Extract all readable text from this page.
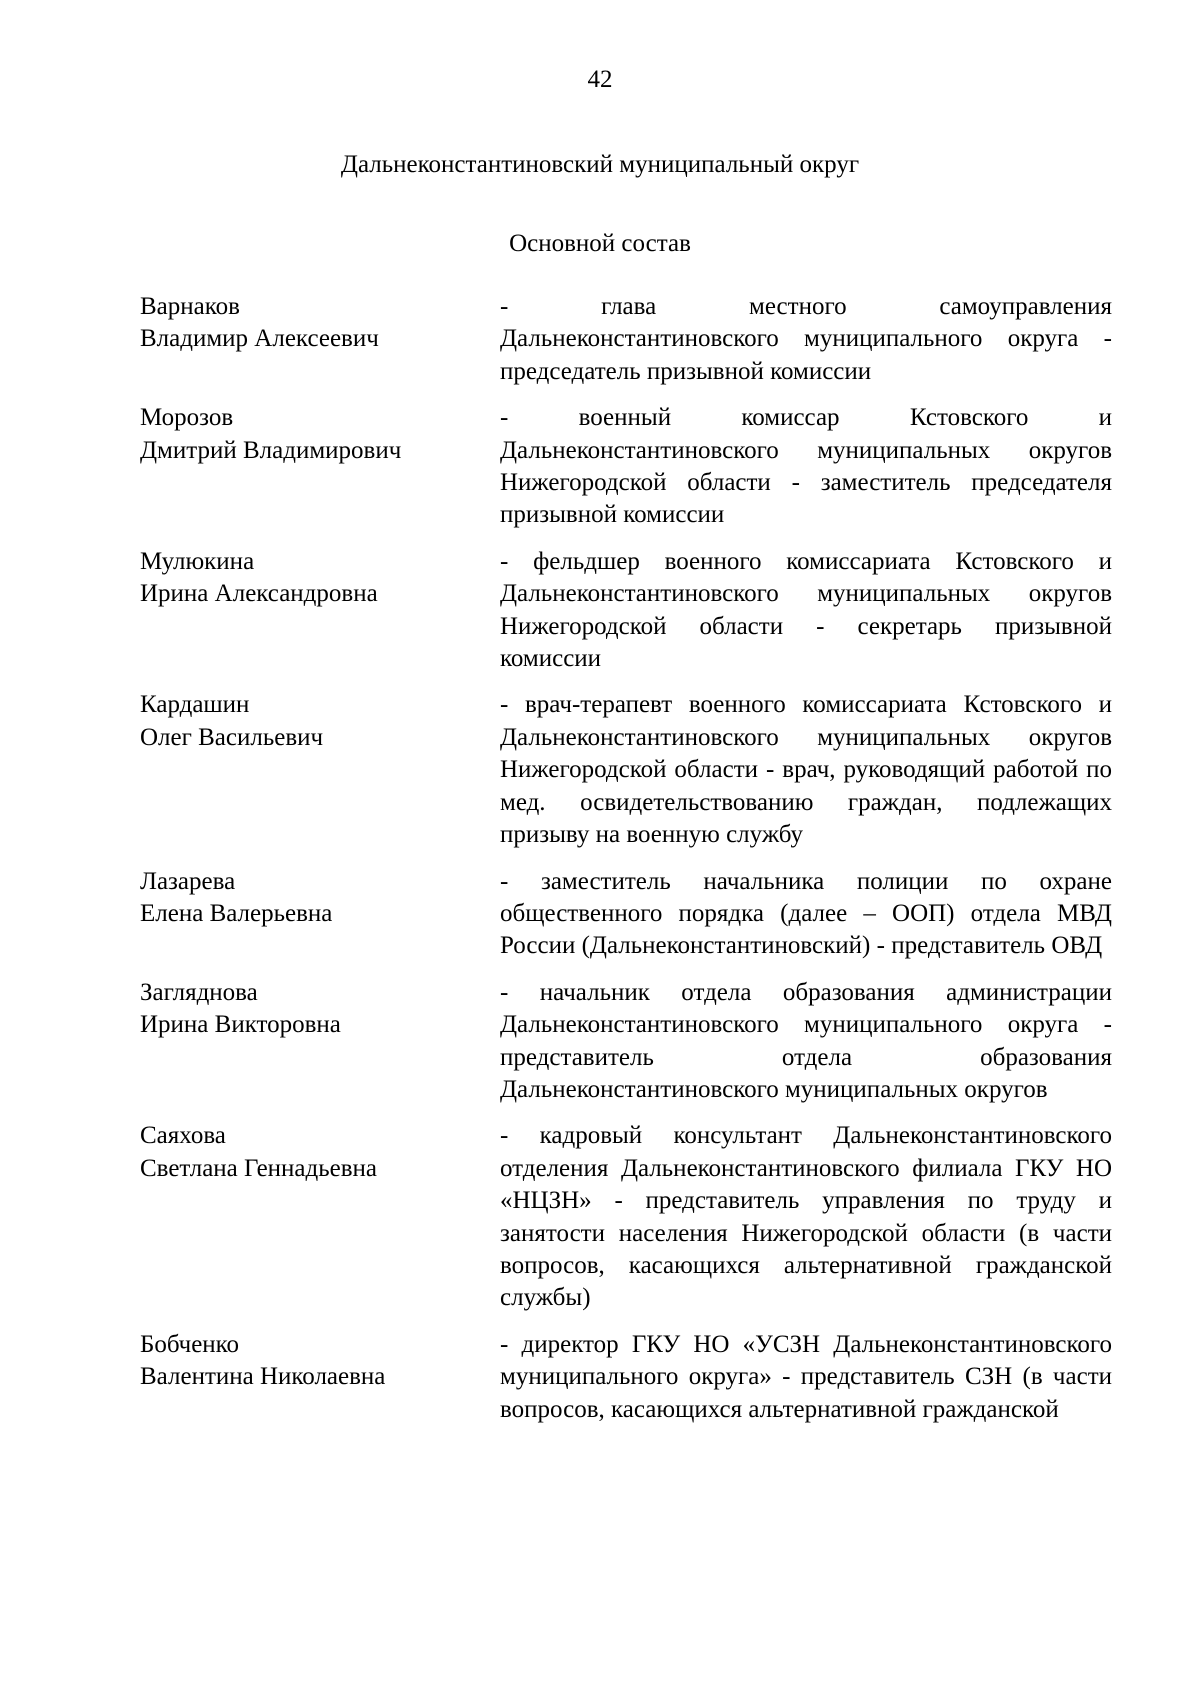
42
Дальнеконстантиновский муниципальный округ
Основной состав
Варнаков
Владимир Алексеевич
- глава местного самоуправления Дальнеконстантиновского муниципального округа - председатель призывной комиссии
Морозов
Дмитрий Владимирович
- военный комиссар Кстовского и Дальнеконстантиновского муниципальных округов Нижегородской области - заместитель председателя призывной комиссии
Мулюкина
Ирина Александровна
- фельдшер военного комиссариата Кстовского и Дальнеконстантиновского муниципальных округов Нижегородской области - секретарь призывной комиссии
Кардашин
Олег Васильевич
- врач-терапевт военного комиссариата Кстовского и Дальнеконстантиновского муниципальных округов Нижегородской области - врач, руководящий работой по мед. освидетельствованию граждан, подлежащих призыву на военную службу
Лазарева
Елена Валерьевна
- заместитель начальника полиции по охране общественного порядка (далее – ООП) отдела МВД России (Дальнеконстантиновский) - представитель ОВД
Загляднова
Ирина Викторовна
- начальник отдела образования администрации Дальнеконстантиновского муниципального округа - представитель отдела образования Дальнеконстантиновского муниципальных округов
Саяхова
Светлана Геннадьевна
- кадровый консультант Дальнеконстантиновского отделения Дальнеконстантиновского филиала ГКУ НО «НЦЗН» - представитель управления по труду и занятости населения Нижегородской области (в части вопросов, касающихся альтернативной гражданской службы)
Бобченко
Валентина Николаевна
- директор ГКУ НО «УСЗН Дальнеконстантиновского муниципального округа» - представитель СЗН (в части вопросов, касающихся альтернативной гражданской
